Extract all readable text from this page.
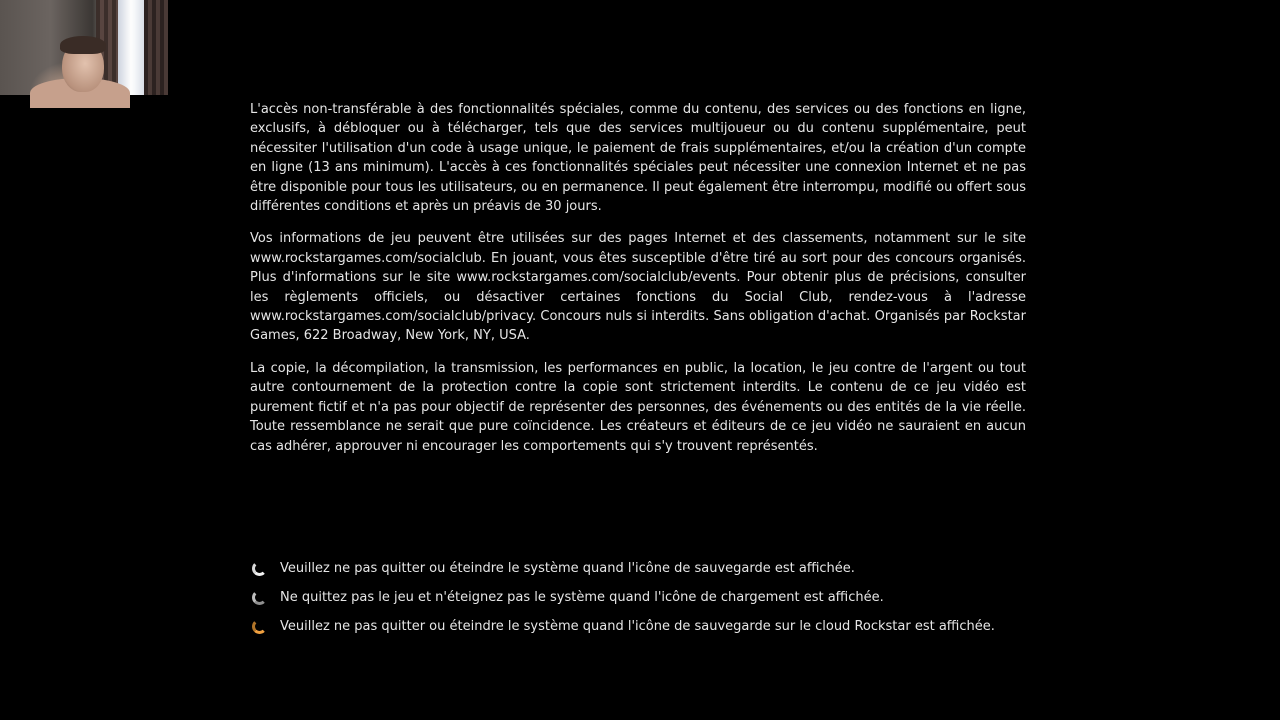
L'accès non-transférable à des fonctionnalités spéciales, comme du contenu, des services ou des fonctions en ligne, exclusifs, à débloquer ou à télécharger, tels que des services multijoueur ou du contenu supplémentaire, peut nécessiter l'utilisation d'un code à usage unique, le paiement de frais supplémentaires, et/ou la création d'un compte en ligne (13 ans minimum). L'accès à ces fonctionnalités spéciales peut nécessiter une connexion Internet et ne pas être disponible pour tous les utilisateurs, ou en permanence. Il peut également être interrompu, modifié ou offert sous différentes conditions et après un préavis de 30 jours.

Vos informations de jeu peuvent être utilisées sur des pages Internet et des classements, notamment sur le site www.rockstargames.com/socialclub. En jouant, vous êtes susceptible d'être tiré au sort pour des concours organisés. Plus d'informations sur le site www.rockstargames.com/socialclub/events. Pour obtenir plus de précisions, consulter les règlements officiels, ou désactiver certaines fonctions du Social Club, rendez-vous à l'adresse www.rockstargames.com/socialclub/privacy. Concours nuls si interdits. Sans obligation d'achat. Organisés par Rockstar Games, 622 Broadway, New York, NY, USA.

La copie, la décompilation, la transmission, les performances en public, la location, le jeu contre de l'argent ou tout autre contournement de la protection contre la copie sont strictement interdits. Le contenu de ce jeu vidéo est purement fictif et n'a pas pour objectif de représenter des personnes, des événements ou des entités de la vie réelle. Toute ressemblance ne serait que pure coïncidence. Les créateurs et éditeurs de ce jeu vidéo ne sauraient en aucun cas adhérer, approuver ni encourager les comportements qui s'y trouvent représentés.

Veuillez ne pas quitter ou éteindre le système quand l'icône de sauvegarde est affichée.
Ne quittez pas le jeu et n'éteignez pas le système quand l'icône de chargement est affichée.
Veuillez ne pas quitter ou éteindre le système quand l'icône de sauvegarde sur le cloud Rockstar est affichée.
